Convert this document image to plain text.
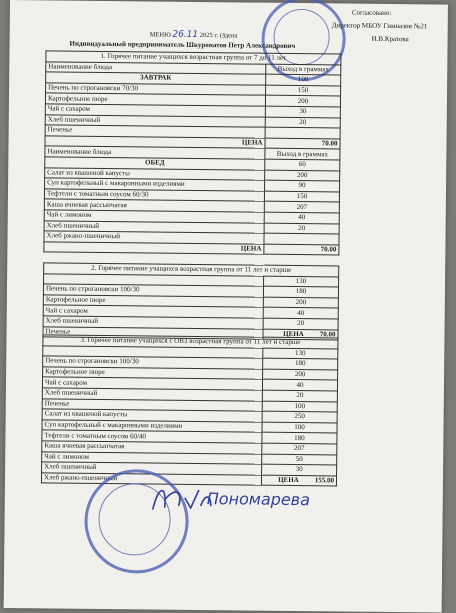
Согласовано:
Директор МБОУ Гимназия №21
И.В.Кратова
МЕНЮ 26.11 2025 г. (Здена
Индивидуальный предприниматель Шкуропатов Петр Александрович
1. Горячее питание учащихся возрастная группа от 7 до 11 лет	
Наименование блюда	Выход в граммах
ЗАВТРАК	100
Печень по строгановски 70/30	150
Картофельное пюре	200
Чай с сахаром	30
Хлеб пшеничный	20
Печенье	
ЦЕНА	70.00
Наименование блюда	Выход в граммах
ОБЕД	60
Салат из квашеной капусты	200
Суп картофельный с макаронными изделиями	90
Тефтели с томатным соусом 60/30	150
Каша ячневая рассыпчатая	207
Чай с лимоном	40
Хлеб пшеничный	20
Хлеб ржано-пшеничный	
ЦЕНА	70.00
2. Горячее питание учащихся возрастная группа от 11 лет и старше	
	130
Печень по строгановски 100/30	180
Картофельное пюре	200
Чай с сахаром	40
Хлеб пшеничный	20
Печенье	ЦЕНА 70.00
3. Горячее питание учащихся с ОВЗ возрастная группа от 11 лет и старше	
	130
Печень по строгановски 100/30	180
Картофельное пюре	200
Чай с сахаром	40
Хлеб пшеничный	20
Печенье	100
Салат из квашеной капусты	250
Суп картофельный с макаронными изделиями	100
Тефтели с томатным соусом 60/40	180
Каша ячневая рассыпчатая	207
Чай с лимоном	50
Хлеб пшеничный	30
Хлеб ржано-пшеничный	ЦЕНА 155.00
Пономарева
